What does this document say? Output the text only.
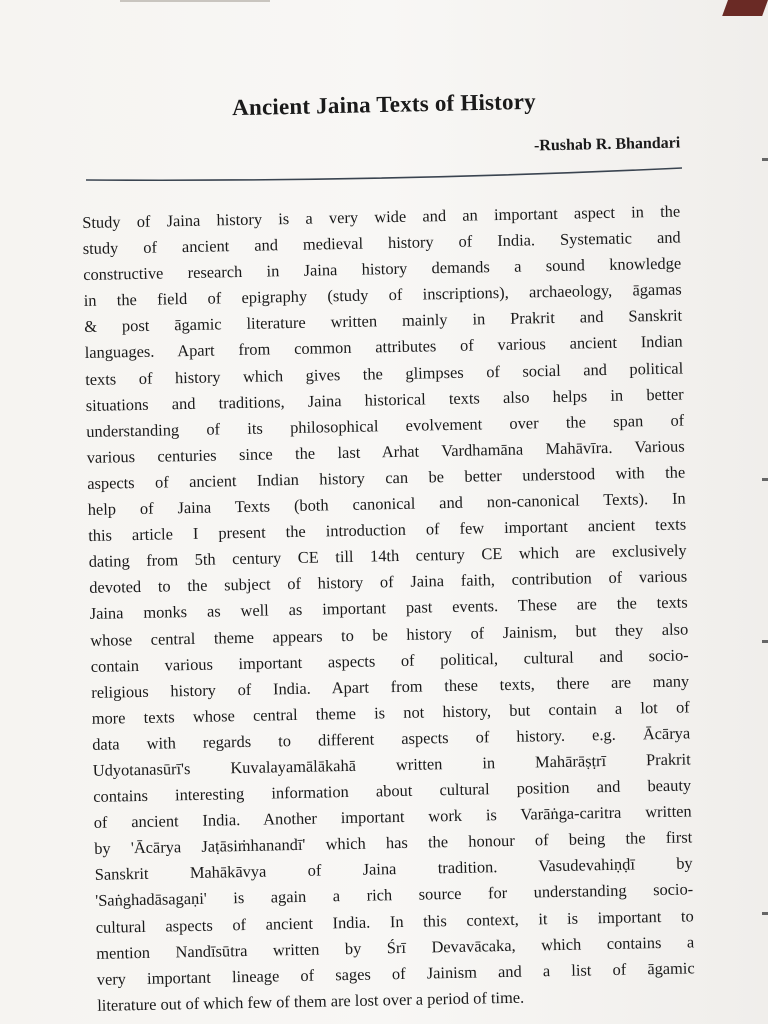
Ancient Jaina Texts of History
-Rushab R. Bhandari
Study of Jaina history is a very wide and an important aspect in the
study of ancient and medieval history of India. Systematic and
constructive research in Jaina history demands a sound knowledge
in the field of epigraphy (study of inscriptions), archaeology, āgamas
& post āgamic literature written mainly in Prakrit and Sanskrit
languages. Apart from common attributes of various ancient Indian
texts of history which gives the glimpses of social and political
situations and traditions, Jaina historical texts also helps in better
understanding of its philosophical evolvement over the span of
various centuries since the last Arhat Vardhamāna Mahāvīra. Various
aspects of ancient Indian history can be better understood with the
help of Jaina Texts (both canonical and non-canonical Texts). In
this article I present the introduction of few important ancient texts
dating from 5th century CE till 14th century CE which are exclusively
devoted to the subject of history of Jaina faith, contribution of various
Jaina monks as well as important past events. These are the texts
whose central theme appears to be history of Jainism, but they also
contain various important aspects of political, cultural and socio-
religious history of India. Apart from these texts, there are many
more texts whose central theme is not history, but contain a lot of
data with regards to different aspects of history. e.g. Ācārya
Udyotanasūrī's Kuvalayamālākahā written in Mahārāṣṭrī Prakrit
contains interesting information about cultural position and beauty
of ancient India. Another important work is Varāṅga-caritra written
by 'Ācārya Jaṭāsiṁhanandī' which has the honour of being the first
Sanskrit Mahākāvya of Jaina tradition. Vasudevahiṇḍī by
'Saṅghadāsagaṇi' is again a rich source for understanding socio-
cultural aspects of ancient India. In this context, it is important to
mention Nandīsūtra written by Śrī Devavācaka, which contains a
very important lineage of sages of Jainism and a list of āgamic
literature out of which few of them are lost over a period of time.
